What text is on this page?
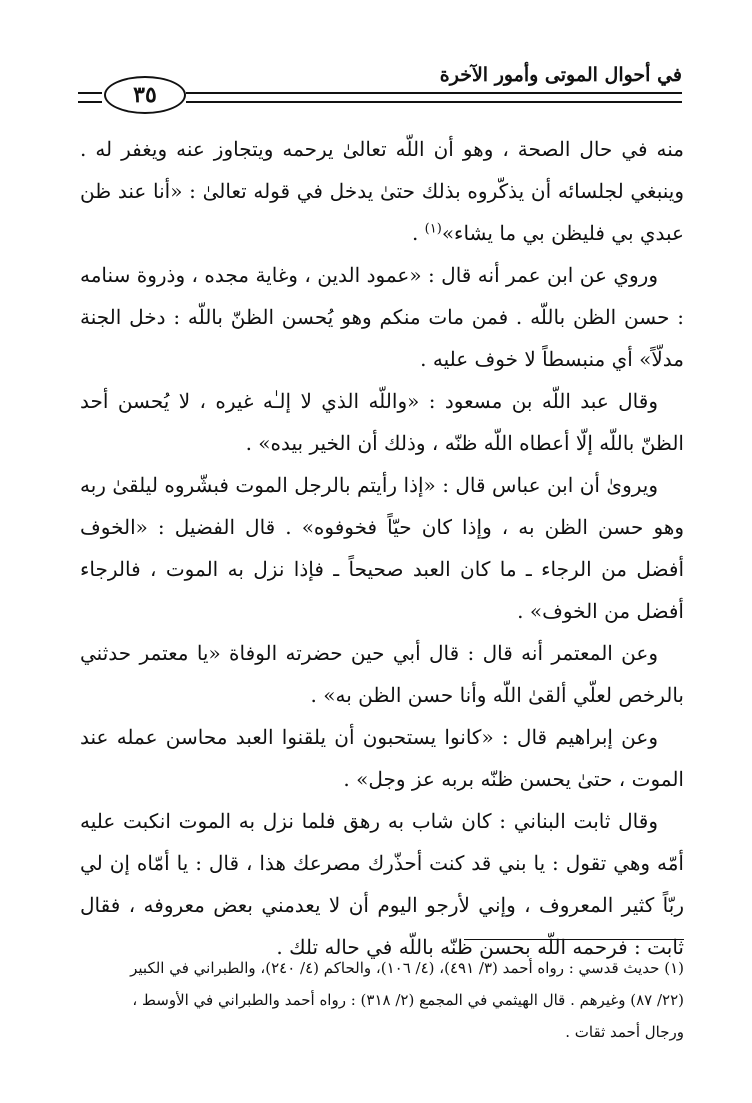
في أحوال الموتى وأمور الآخرة
٣٥

منه في حال الصحة ، وهو أن اللّه تعالىٰ يرحمه ويتجاوز عنه ويغفر له . وينبغي لجلسائه أن يذكّروه بذلك حتىٰ يدخل في قوله تعالىٰ : «أنا عند ظن عبدي بي فليظن بي ما يشاء»$^{(١)}$ .

وروي عن ابن عمر أنه قال : «عمود الدين ، وغاية مجده ، وذروة سنامه : حسن الظن باللّه . فمن مات منكم وهو يُحسن الظنّ باللّه : دخل الجنة مدلّاً» أي منبسطاً لا خوف عليه .

وقال عبد اللّه بن مسعود : «واللّه الذي لا إلـٰه غيره ، لا يُحسن أحد الظنّ باللّه إلّا أعطاه اللّه ظنّه ، وذلك أن الخير بيده» .

ويروىٰ أن ابن عباس قال : «إذا رأيتم بالرجل الموت فبشّروه ليلقىٰ ربه وهو حسن الظن به ، وإذا كان حيّاً فخوفوه» . قال الفضيل : «الخوف أفضل من الرجاء ـ ما كان العبد صحيحاً ـ فإذا نزل به الموت ، فالرجاء أفضل من الخوف» .

وعن المعتمر أنه قال : قال أبي حين حضرته الوفاة «يا معتمر حدثني بالرخص لعلّي ألقىٰ اللّه وأنا حسن الظن به» .

وعن إبراهيم قال : «كانوا يستحبون أن يلقنوا العبد محاسن عمله عند الموت ، حتىٰ يحسن ظنّه بربه عز وجل» .

وقال ثابت البناني : كان شاب به رهق فلما نزل به الموت انكبت عليه أمّه وهي تقول : يا بني قد كنت أحذّرك مصرعك هذا ، قال : يا أمّاه إن لي ربّاً كثير المعروف ، وإني لأرجو اليوم أن لا يعدمني بعض معروفه ، فقال ثابت : فرحمه اللّه بحسن ظنّه باللّه في حاله تلك .

(١) حديث قدسي : رواه أحمد (٣/ ٤٩١)، (٤/ ١٠٦)، والحاكم (٤/ ٢٤٠)، والطبراني في الكبير

(٢٢/ ٨٧) وغيرهم . قال الهيثمي في المجمع (٢/ ٣١٨) : رواه أحمد والطبراني في الأوسط ،

ورجال أحمد ثقات .
